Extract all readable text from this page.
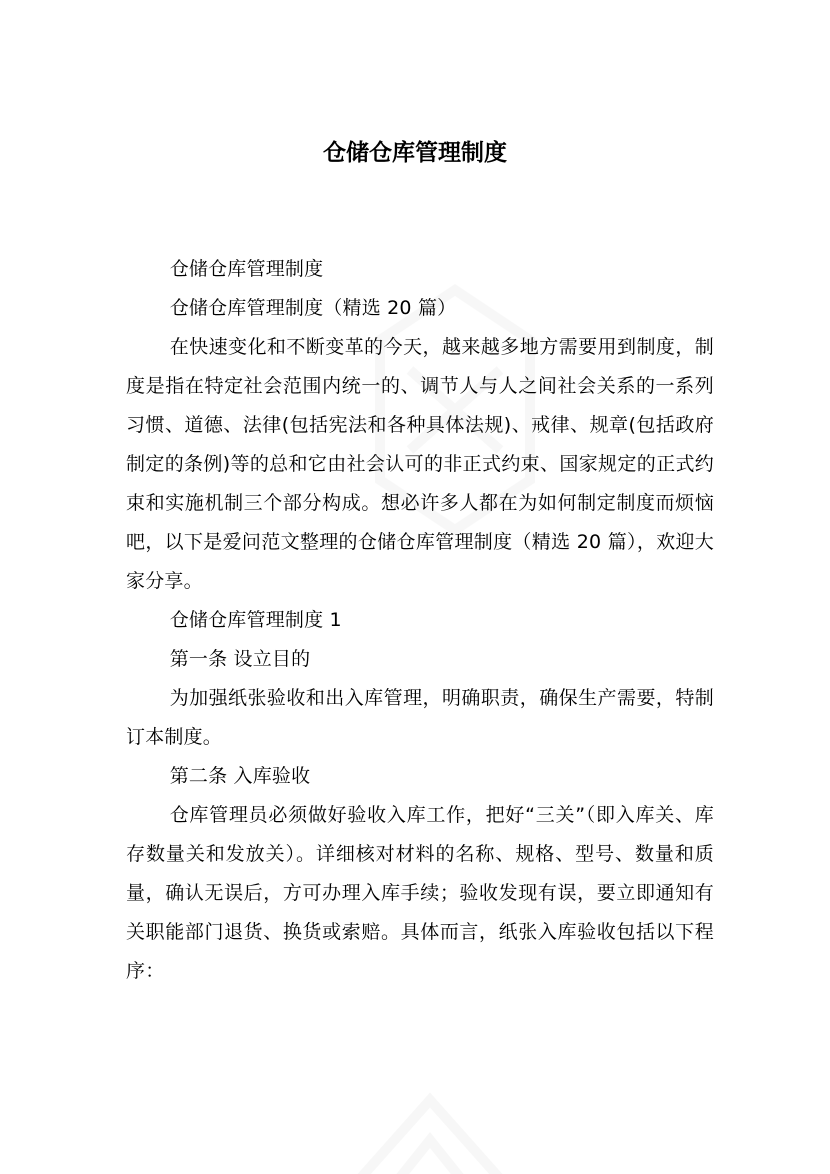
仓储仓库管理制度

仓储仓库管理制度

仓储仓库管理制度（精选 20 篇）

在快速变化和不断变革的今天，越来越多地方需要用到制度，制度是指在特定社会范围内统一的、调节人与人之间社会关系的一系列习惯、道德、法律(包括宪法和各种具体法规)、戒律、规章(包括政府制定的条例)等的总和它由社会认可的非正式约束、国家规定的正式约束和实施机制三个部分构成。想必许多人都在为如何制定制度而烦恼吧，以下是爱问范文整理的仓储仓库管理制度（精选 20 篇），欢迎大家分享。

仓储仓库管理制度 1

第一条 设立目的

为加强纸张验收和出入库管理，明确职责，确保生产需要，特制订本制度。

第二条 入库验收

仓库管理员必须做好验收入库工作，把好“三关”（即入库关、库存数量关和发放关）。详细核对材料的名称、规格、型号、数量和质量，确认无误后，方可办理入库手续；验收发现有误，要立即通知有关职能部门退货、换货或索赔。具体而言，纸张入库验收包括以下程序：
